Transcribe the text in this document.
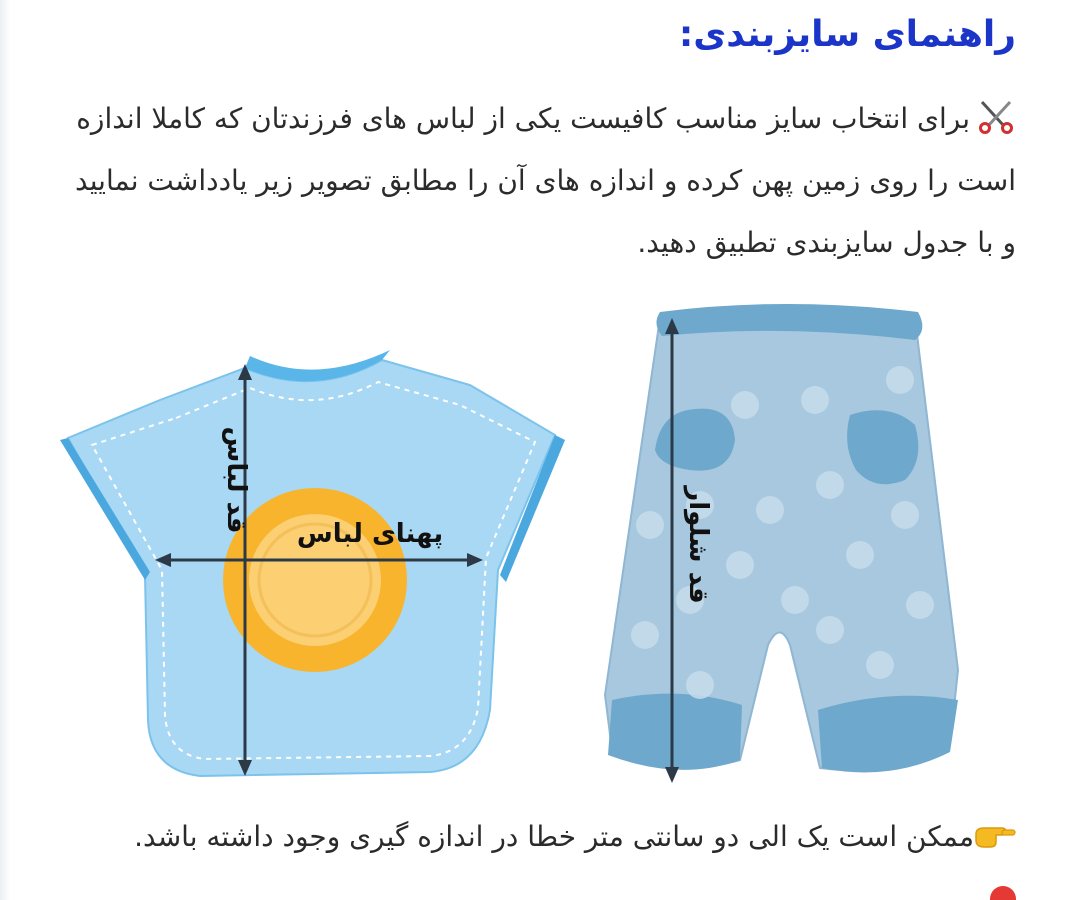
راهنمای سایزبندی:

برای انتخاب سایز مناسب کافیست یکی از لباس های فرزندتان که کاملا اندازه است را روی زمین پهن کرده و اندازه های آن را مطابق تصویر زیر یادداشت نمایید و با جدول سایزبندی تطبیق دهید.

قد لباس
پهنای لباس	قد شلوار

ممکن است یک الی دو سانتی متر خطا در اندازه گیری وجود داشته باشد.
